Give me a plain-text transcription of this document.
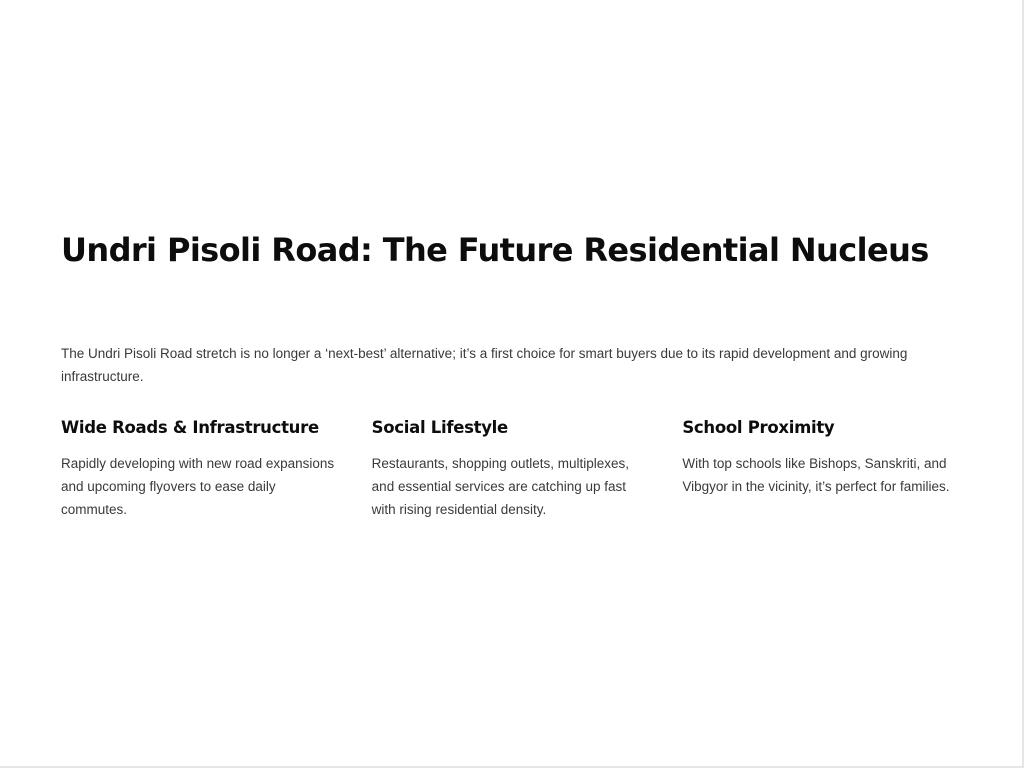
Undri Pisoli Road: The Future Residential Nucleus

The Undri Pisoli Road stretch is no longer a ‘next-best’ alternative; it’s a first choice for smart buyers due to its rapid development and growing infrastructure.

Wide Roads & Infrastructure

Rapidly developing with new road expansions and upcoming flyovers to ease daily commutes.

Social Lifestyle

Restaurants, shopping outlets, multiplexes, and essential services are catching up fast with rising residential density.

School Proximity

With top schools like Bishops, Sanskriti, and Vibgyor in the vicinity, it’s perfect for families.
